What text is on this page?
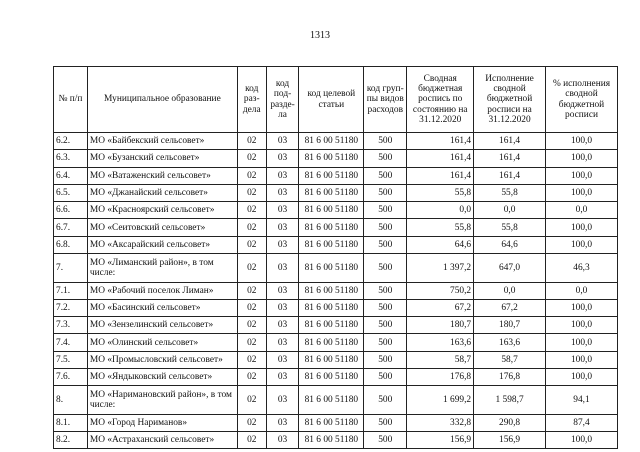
1313
№ п/п	Муниципальное образование	код раз-дела	код под-разде-ла	код целевой статьи	код груп-пы видов расходов	Сводная бюджетная роспись по состоянию на 31.12.2020	Исполнение сводной бюджетной росписи на 31.12.2020	% исполнения сводной бюджетной росписи
6.2.	МО «Байбекский сельсовет»	02	03	81 6 00 51180	500	161,4	161,4	100,0
6.3.	МО «Бузанский сельсовет»	02	03	81 6 00 51180	500	161,4	161,4	100,0
6.4.	МО «Ватаженский сельсовет»	02	03	81 6 00 51180	500	161,4	161,4	100,0
6.5.	МО «Джанайский сельсовет»	02	03	81 6 00 51180	500	55,8	55,8	100,0
6.6.	МО «Красноярский сельсовет»	02	03	81 6 00 51180	500	0,0	0,0	0,0
6.7.	МО «Сеитовский сельсовет»	02	03	81 6 00 51180	500	55,8	55,8	100,0
6.8.	МО «Аксарайский сельсовет»	02	03	81 6 00 51180	500	64,6	64,6	100,0
7.	МО «Лиманский район», в том числе:	02	03	81 6 00 51180	500	1 397,2	647,0	46,3
7.1.	МО «Рабочий поселок Лиман»	02	03	81 6 00 51180	500	750,2	0,0	0,0
7.2.	МО «Басинский сельсовет»	02	03	81 6 00 51180	500	67,2	67,2	100,0
7.3.	МО «Зензелинский сельсовет»	02	03	81 6 00 51180	500	180,7	180,7	100,0
7.4.	МО «Олинский сельсовет»	02	03	81 6 00 51180	500	163,6	163,6	100,0
7.5.	МО «Промысловский сельсовет»	02	03	81 6 00 51180	500	58,7	58,7	100,0
7.6.	МО «Яндыковский сельсовет»	02	03	81 6 00 51180	500	176,8	176,8	100,0
8.	МО «Наримановский район», в том числе:	02	03	81 6 00 51180	500	1 699,2	1 598,7	94,1
8.1.	МО «Город Нариманов»	02	03	81 6 00 51180	500	332,8	290,8	87,4
8.2.	МО «Астраханский сельсовет»	02	03	81 6 00 51180	500	156,9	156,9	100,0
